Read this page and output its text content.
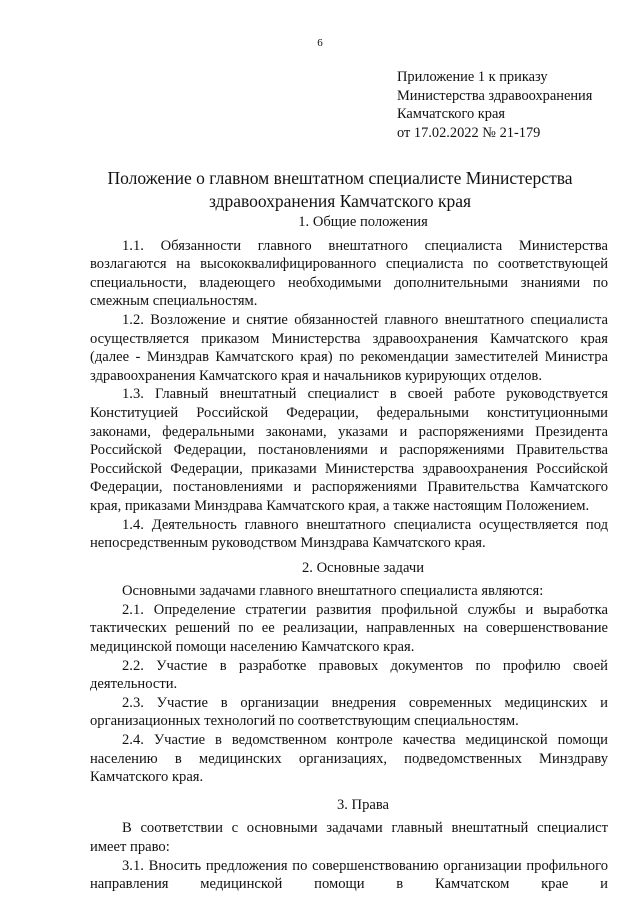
6
Приложение 1 к приказу
Министерства здравоохранения
Камчатского края
от 17.02.2022 № 21-179
Положение о главном внештатном специалисте Министерства
здравоохранения Камчатского края
1. Общие положения

1.1. Обязанности главного внештатного специалиста Министерства возлагаются на высококвалифицированного специалиста по соответствующей специальности, владеющего необходимыми дополнительными знаниями по смежным специальностям.

1.2. Возложение и снятие обязанностей главного внештатного специалиста осуществляется приказом Министерства здравоохранения Камчатского края (далее - Минздрав Камчатского края) по рекомендации заместителей Министра здравоохранения Камчатского края и начальников курирующих отделов.

1.3. Главный внештатный специалист в своей работе руководствуется Конституцией Российской Федерации, федеральными конституционными законами, федеральными законами, указами и распоряжениями Президента Российской Федерации, постановлениями и распоряжениями Правительства Российской Федерации, приказами Министерства здравоохранения Российской Федерации, постановлениями и распоряжениями Правительства Камчатского края, приказами Минздрава Камчатского края, а также настоящим Положением.

1.4. Деятельность главного внештатного специалиста осуществляется под непосредственным руководством Минздрава Камчатского края.

2. Основные задачи

Основными задачами главного внештатного специалиста являются:

2.1. Определение стратегии развития профильной службы и выработка тактических решений по ее реализации, направленных на совершенствование медицинской помощи населению Камчатского края.

2.2. Участие в разработке правовых документов по профилю своей деятельности.

2.3. Участие в организации внедрения современных медицинских и организационных технологий по соответствующим специальностям.

2.4. Участие в ведомственном контроле качества медицинской помощи населению в медицинских организациях, подведомственных Минздраву Камчатского края.

3. Права

В соответствии с основными задачами главный внештатный специалист имеет право:

3.1. Вносить предложения по совершенствованию организации профильного направления медицинской помощи в Камчатском крае и
